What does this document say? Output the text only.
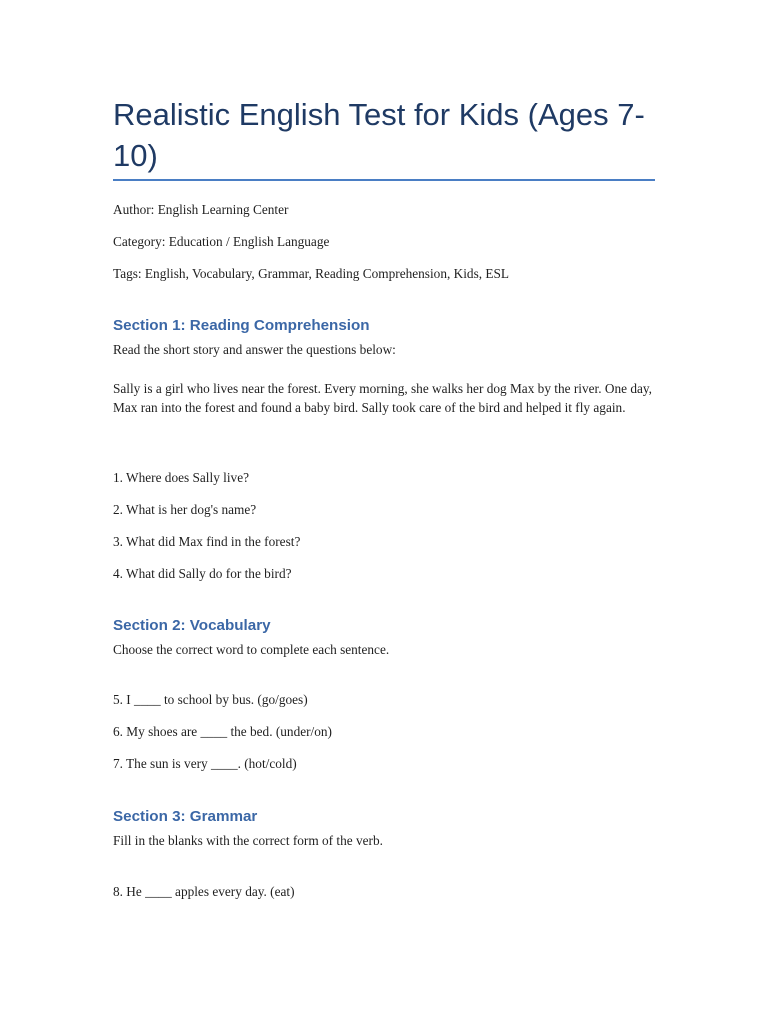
Realistic English Test for Kids (Ages 7-10)

Author: English Learning Center

Category: Education / English Language

Tags: English, Vocabulary, Grammar, Reading Comprehension, Kids, ESL

Section 1: Reading Comprehension

Read the short story and answer the questions below:

Sally is a girl who lives near the forest. Every morning, she walks her dog Max by the river. One day, Max ran into the forest and found a baby bird. Sally took care of the bird and helped it fly again.

1. Where does Sally live?

2. What is her dog's name?

3. What did Max find in the forest?

4. What did Sally do for the bird?

Section 2: Vocabulary

Choose the correct word to complete each sentence.

5. I ____ to school by bus. (go/goes)

6. My shoes are ____ the bed. (under/on)

7. The sun is very ____. (hot/cold)

Section 3: Grammar

Fill in the blanks with the correct form of the verb.

8. He ____ apples every day. (eat)
